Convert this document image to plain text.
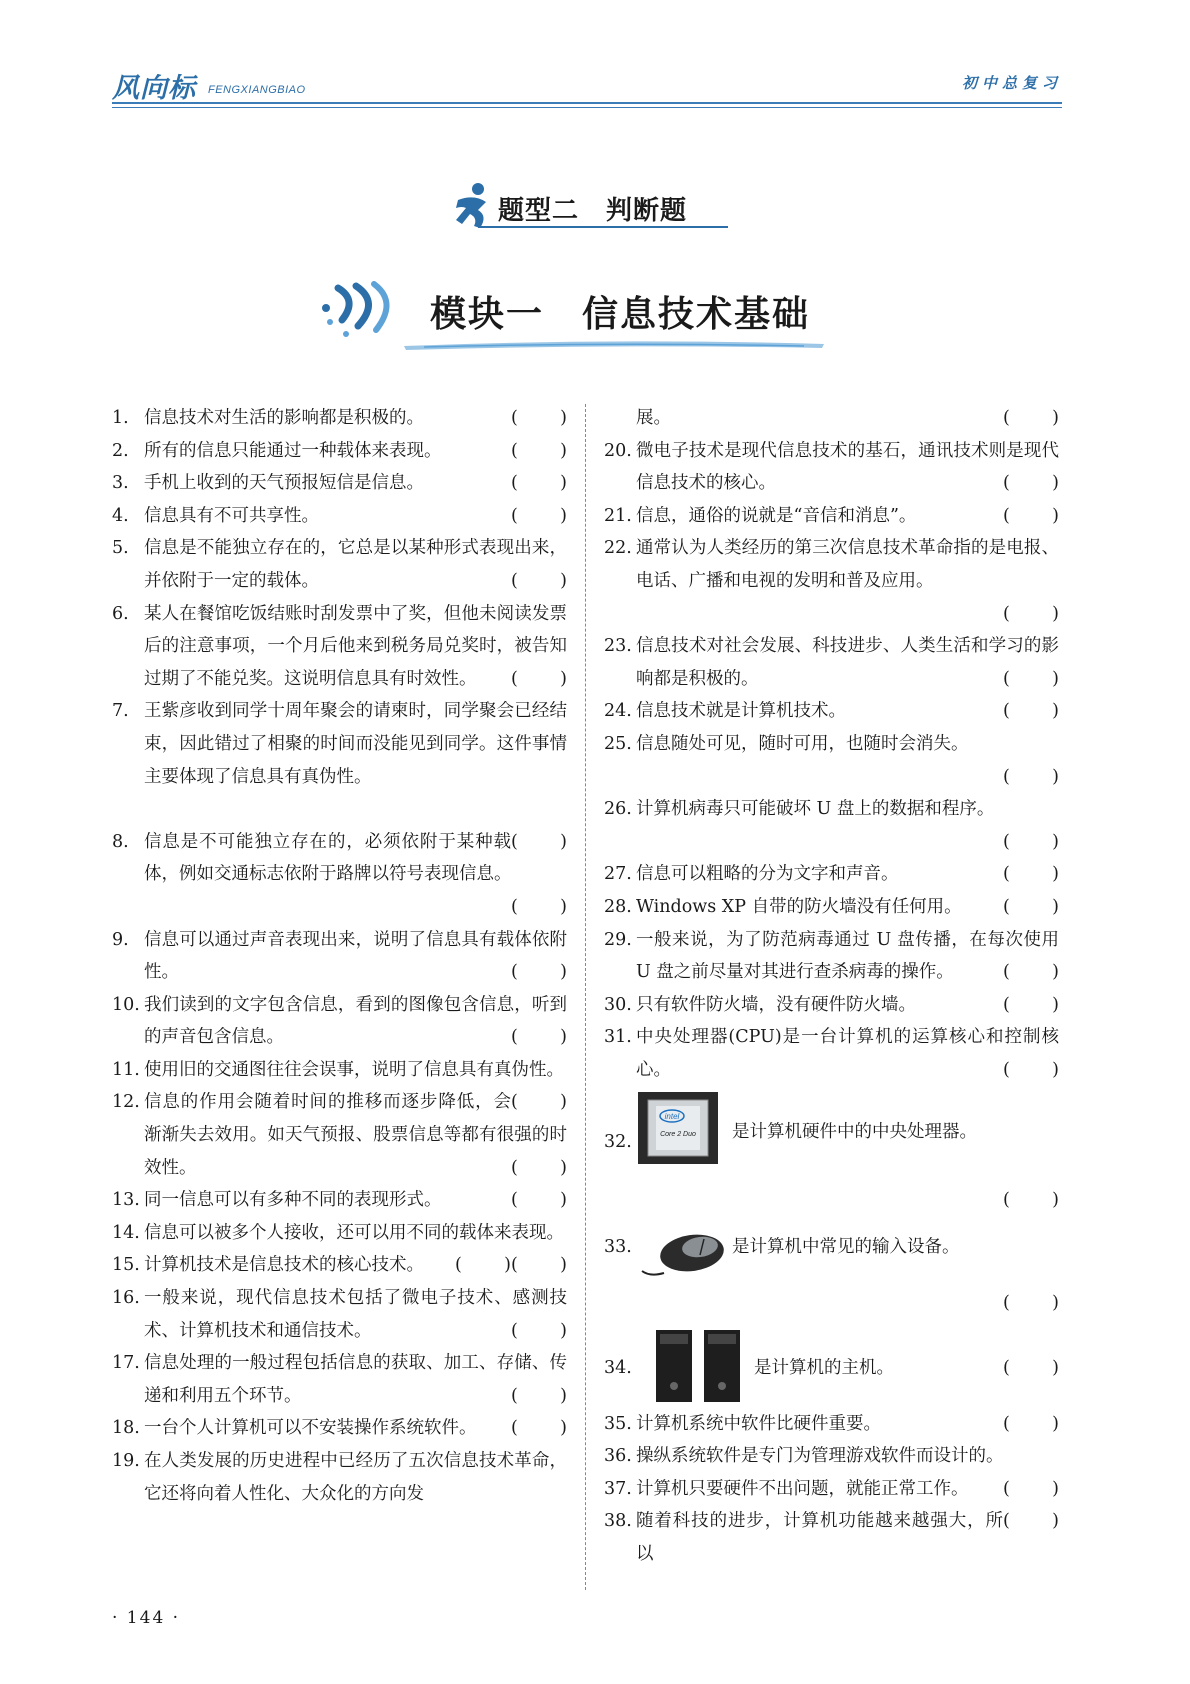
风向标 FENGXIANGBIAO	初中总复习
题型二　判断题
模块一　信息技术基础
1. 信息技术对生活的影响都是积极的。	( )
2. 所有的信息只能通过一种载体来表现。	( )
3. 手机上收到的天气预报短信是信息。	( )
4. 信息具有不可共享性。	( )
5. 信息是不能独立存在的，它总是以某种形式表现出来，并依附于一定的载体。	( )
6. 某人在餐馆吃饭结账时刮发票中了奖，但他未阅读发票后的注意事项，一个月后他来到税务局兑奖时，被告知过期了不能兑奖。这说明信息具有时效性。 ( )
7. 王紫彦收到同学十周年聚会的请柬时，同学聚会已经结束，因此错过了相聚的时间而没能见到同学。这件事情主要体现了信息具有真伪性。
( )
8. 信息是不可能独立存在的，必须依附于某种载体，例如交通标志依附于路牌以符号表现信息。
( )
9. 信息可以通过声音表现出来，说明了信息具有载体依附性。	( )
10. 我们读到的文字包含信息，看到的图像包含信息，听到的声音包含信息。	( )
11. 使用旧的交通图往往会误事，说明了信息具有真伪性。
( )
12. 信息的作用会随着时间的推移而逐步降低，会渐渐失去效用。如天气预报、股票信息等都有很强的时效性。	( )
13. 同一信息可以有多种不同的表现形式。	( )
14. 信息可以被多个人接收，还可以用不同的载体来表现。
( )
15. 计算机技术是信息技术的核心技术。 ( )
16. 一般来说，现代信息技术包括了微电子技术、感测技术、计算机技术和通信技术。	( )
17. 信息处理的一般过程包括信息的获取、加工、存储、传递和利用五个环节。	( )
18. 一台个人计算机可以不安装操作系统软件。 ( )
19. 在人类发展的历史进程中已经历了五次信息技术革命，它还将向着人性化、大众化的方向发
展。	( )
20. 微电子技术是现代信息技术的基石，通讯技术则是现代信息技术的核心。	( )
21. 信息，通俗的说就是“音信和消息”。	( )
22. 通常认为人类经历的第三次信息技术革命指的是电报、电话、广播和电视的发明和普及应用。
( )
23. 信息技术对社会发展、科技进步、人类生活和学习的影响都是积极的。	( )
24. 信息技术就是计算机技术。	( )
25. 信息随处可见，随时可用，也随时会消失。
( )
26. 计算机病毒只可能破坏 U 盘上的数据和程序。
( )
27. 信息可以粗略的分为文字和声音。	( )
28. Windows XP 自带的防火墙没有任何用。 ( )
29. 一般来说，为了防范病毒通过 U 盘传播，在每次使用 U 盘之前尽量对其进行查杀病毒的操作。	( )
30. 只有软件防火墙，没有硬件防火墙。	( )
31. 中央处理器(CPU)是一台计算机的运算核心和控制核心。	( )
32.
intel
Core 2 Duo 是计算机硬件中的中央处理器。
( )
33.	是计算机中常见的输入设备。
( )
34.	是计算机的主机。	( )
35. 计算机系统中软件比硬件重要。	( )
36. 操纵系统软件是专门为管理游戏软件而设计的。
( )
37. 计算机只要硬件不出问题，就能正常工作。
( )
38. 随着科技的进步，计算机功能越来越强大，所以
· 144 ·
